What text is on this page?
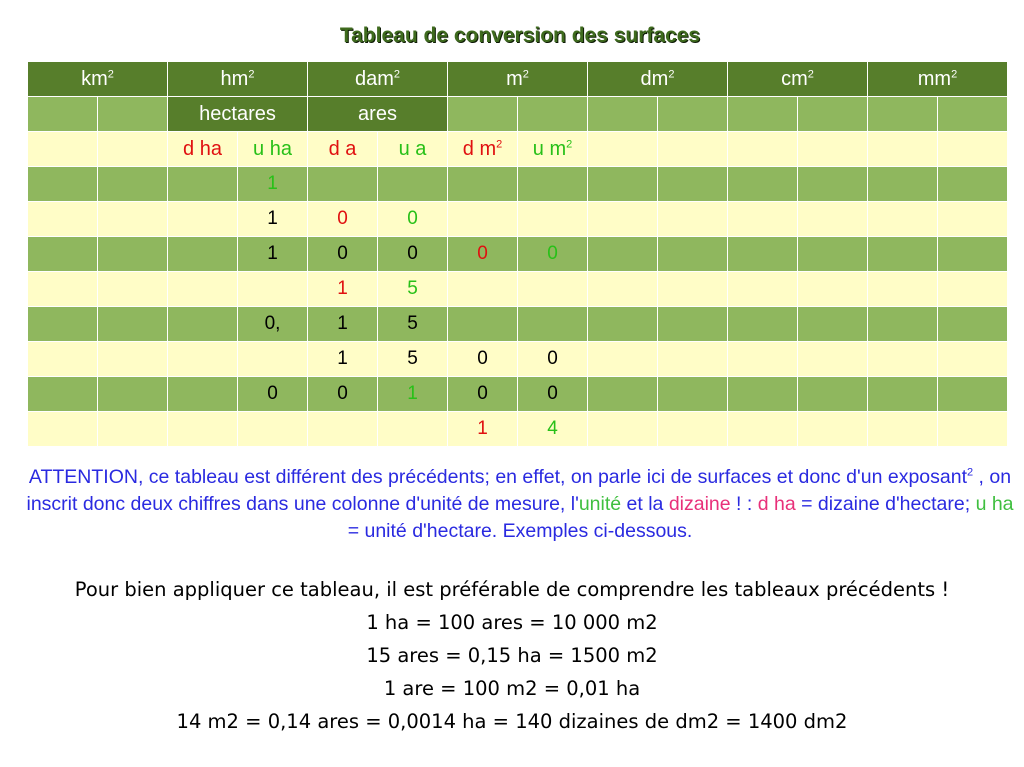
Tableau de conversion des surfaces
$km^2$		$hm^2$		dam$^2$		$m^2$		$dm^2$		$cm^2$		$mm^2$
		hectares		ares									
		d ha	u ha	d a	u a	d $m^2$	u $m^2$						
			1										
			1	0	0								
			1	0	0	0	0						
				1	5								
			0,	1	5								
				1	5	0	0						
			0	0	1	0	0						
						1	4						
ATTENTION, ce tableau est différent des précédents; en effet, on parle ici de surfaces et donc d'un exposant$^2$ , on inscrit donc deux chiffres dans une colonne d'unité de mesure, l'unité et la dizaine ! : d ha = dizaine d'hectare; u ha = unité d'hectare. Exemples ci-dessous.
Pour bien appliquer ce tableau, il est préférable de comprendre les tableaux précédents !
1 ha = 100 ares = 10 000 m2
15 ares = 0,15 ha = 1500 m2
1 are = 100 m2 = 0,01 ha
14 m2 = 0,14 ares = 0,0014 ha = 140 dizaines de dm2 = 1400 dm2
